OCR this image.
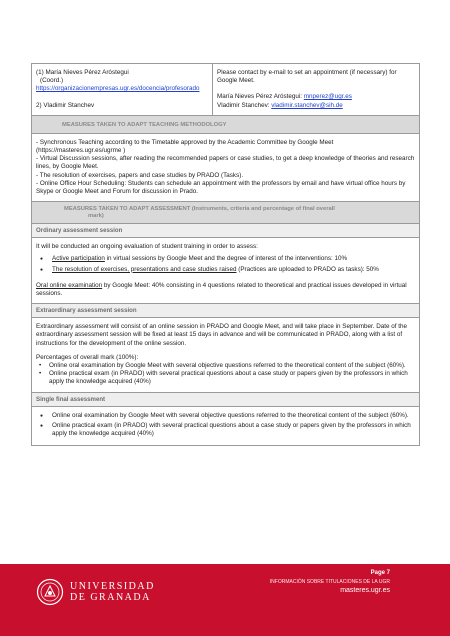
(1) María Nieves Pérez Aróstegui
(Coord.)
https://organizacionempresas.ugr.es/docencia/profesorado
2) Vladimir Stanchev
Please contact by e-mail to set an appointment (if necessary) for Google Meet.
María Nieves Pérez Aróstegui: mnperez@ugr.es
Vladimir Stanchev: vladimir.stanchev@sih.de
MEASURES TAKEN TO ADAPT TEACHING METHODOLOGY
- Synchronous Teaching according to the Timetable approved by the Academic Committee by Google Meet (https://masteres.ugr.es/ugrme )
- Virtual Discussion sessions, after reading the recommended papers or case studies, to get a deep knowledge of theories and research lines, by Google Meet.
- The resolution of exercises, papers and case studies by PRADO (Tasks).
- Online Office Hour Scheduling: Students can schedule an appointment with the professors by email and have virtual office hours by Skype or Google Meet and Forum for discussion in Prado.
MEASURES TAKEN TO ADAPT ASSESSMENT (Instruments, criteria and percentage of final overall
mark)
Ordinary assessment session
It will be conducted an ongoing evaluation of student training in order to assess:
● Active participation in virtual sessions by Google Meet and the degree of interest of the interventions: 10%
● The resolution of exercises, presentations and case studies raised (Practices are uploaded to PRADO as tasks): 50%
Oral online examination by Google Meet: 40% consisting in 4 questions related to theoretical and practical issues developed in virtual sessions.
Extraordinary assessment session
Extraordinary assessment will consist of an online session in PRADO and Google Meet, and will take place in September. Date of the extraordinary assessment session will be fixed at least 15 days in advance and will be communicated in PRADO, along with a list of instructions for the development of the online session.
Percentages of overall mark (100%):
• Online oral examination by Google Meet with several objective questions referred to the theoretical content of the subject (60%).
• Online practical exam (in PRADO) with several practical questions about a case study or papers given by the professors in which apply the knowledge acquired (40%)
Single final assessment
● Online oral examination by Google Meet with several objective questions referred to the theoretical content of the subject (60%).
● Online practical exam (in PRADO) with several practical questions about a case study or papers given by the professors in which apply the knowledge acquired (40%)
UNIVERSIDAD
DE GRANADA
Page 7
INFORMACIÓN SOBRE TITULACIONES DE LA UGR
masteres.ugr.es
